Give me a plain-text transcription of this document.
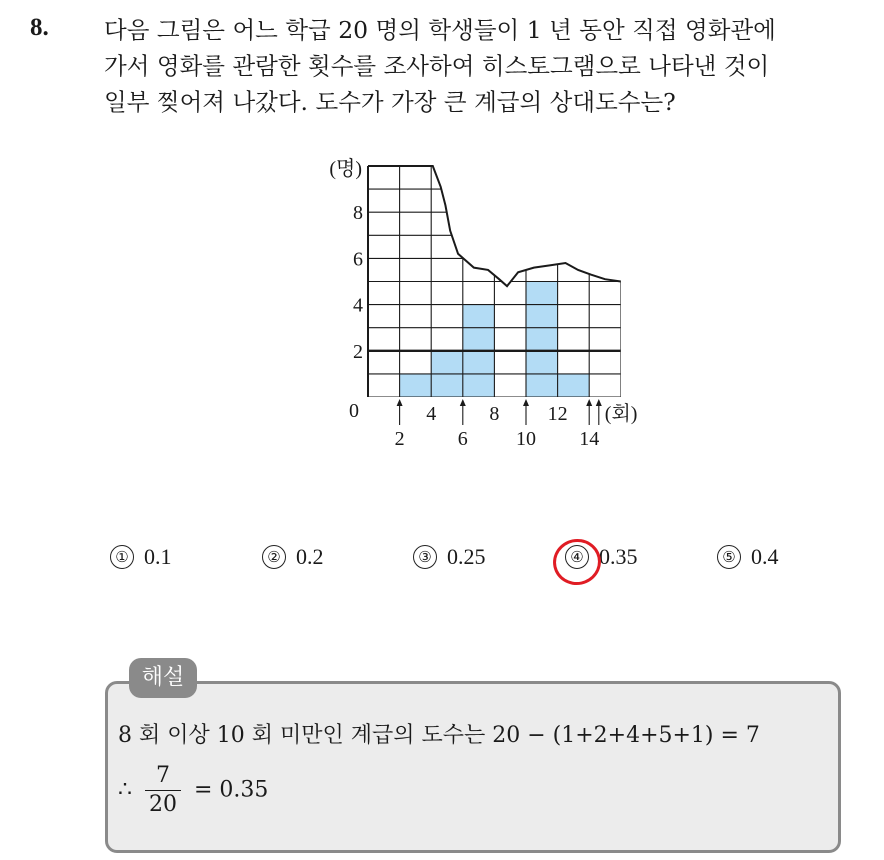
8. 다음 그림은 어느 학급 20 명의 학생들이 1 년 동안 직접 영화관에
가서 영화를 관람한 횟수를 조사하여 히스토그램으로 나타낸 것이
일부 찢어져 나갔다. 도수가 가장 큰 계급의 상대도수는?
(명)
0
2
4
6
8
4	8 12
2	6 10 14
(회)
① 0.1	② 0.2	③ 0.25	④ 0.35	⑤ 0.4
해설
8 회 이상 10 회 미만인 계급의 도수는 20 − (1+2+4+5+1) = 7
∴ $\frac{7}{20} = 0.35$
